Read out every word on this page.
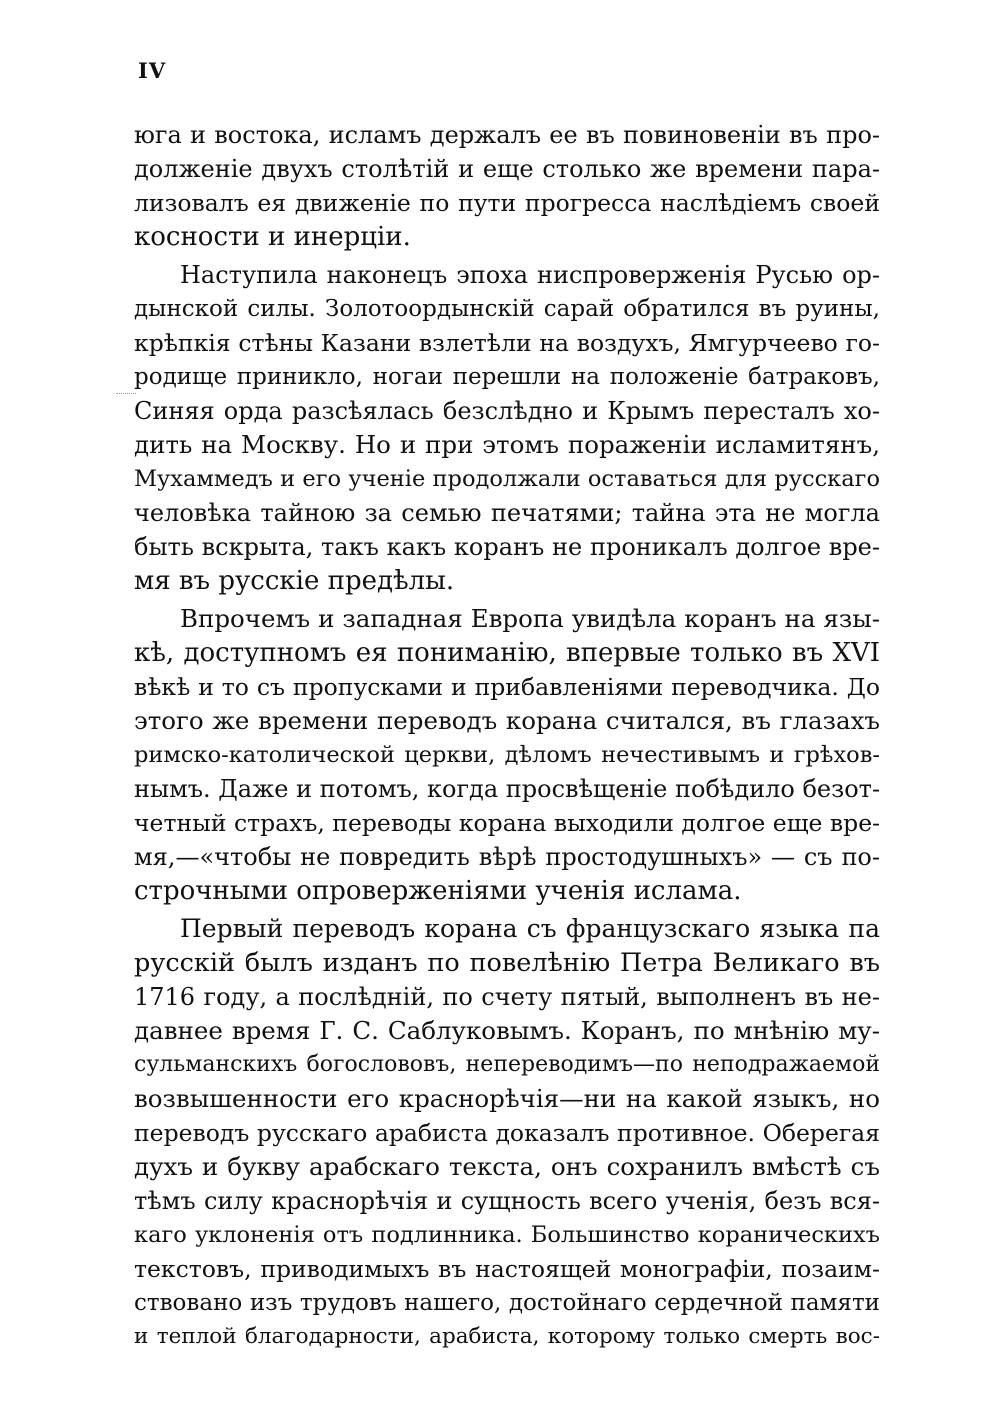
IV
юга и востока, исламъ держалъ ее въ повиновеніи въ про-
долженіе двухъ столѣтій и еще столько же времени пара-
лизовалъ ея движеніе по пути прогресса наслѣдіемъ своей
косности и инерціи.
Наступила наконецъ эпоха ниспроверженія Русью ор-
дынской силы. Золотоордынскій сарай обратился въ руины,
крѣпкія стѣны Казани взлетѣли на воздухъ, Ямгурчеево го-
родище приникло, ногаи перешли на положеніе батраковъ,
Синяя орда разсѣялась безслѣдно и Крымъ пересталъ хо-
дить на Москву. Но и при этомъ пораженіи исламитянъ,
Мухаммедъ и его ученіе продолжали оставаться для русскаго
человѣка тайною за семью печатями; тайна эта не могла
быть вскрыта, такъ какъ коранъ не проникалъ долгое вре-
мя въ русскіе предѣлы.
Впрочемъ и западная Европа увидѣла коранъ на язы-
кѣ, доступномъ ея пониманію, впервые только въ XVI
вѣкѣ и то съ пропусками и прибавленіями переводчика. До
этого же времени переводъ корана считался, въ глазахъ
римско-католической церкви, дѣломъ нечестивымъ и грѣхов-
нымъ. Даже и потомъ, когда просвѣщеніе побѣдило безот-
четный страхъ, переводы корана выходили долгое еще вре-
мя,—«чтобы не повредить вѣрѣ простодушныхъ» — съ по-
строчными опроверженіями ученія ислама.
Первый переводъ корана съ французскаго языка па
русскій былъ изданъ по повелѣнію Петра Великаго въ
1716 году, а послѣдній, по счету пятый, выполненъ въ не-
давнее время Г. С. Саблуковымъ. Коранъ, по мнѣнію му-
сульманскихъ богослововъ, непереводимъ—по неподражаемой
возвышенности его краснорѣчія—ни на какой языкъ, но
переводъ русскаго арабиста доказалъ противное. Оберегая
духъ и букву арабскаго текста, онъ сохранилъ вмѣстѣ съ
тѣмъ силу краснорѣчія и сущность всего ученія, безъ вся-
каго уклоненія отъ подлинника. Большинство кораническихъ
текстовъ, приводимыхъ въ настоящей монографіи, позаим-
ствовано изъ трудовъ нашего, достойнаго сердечной памяти
и теплой благодарности, арабиста, которому только смерть вос-
